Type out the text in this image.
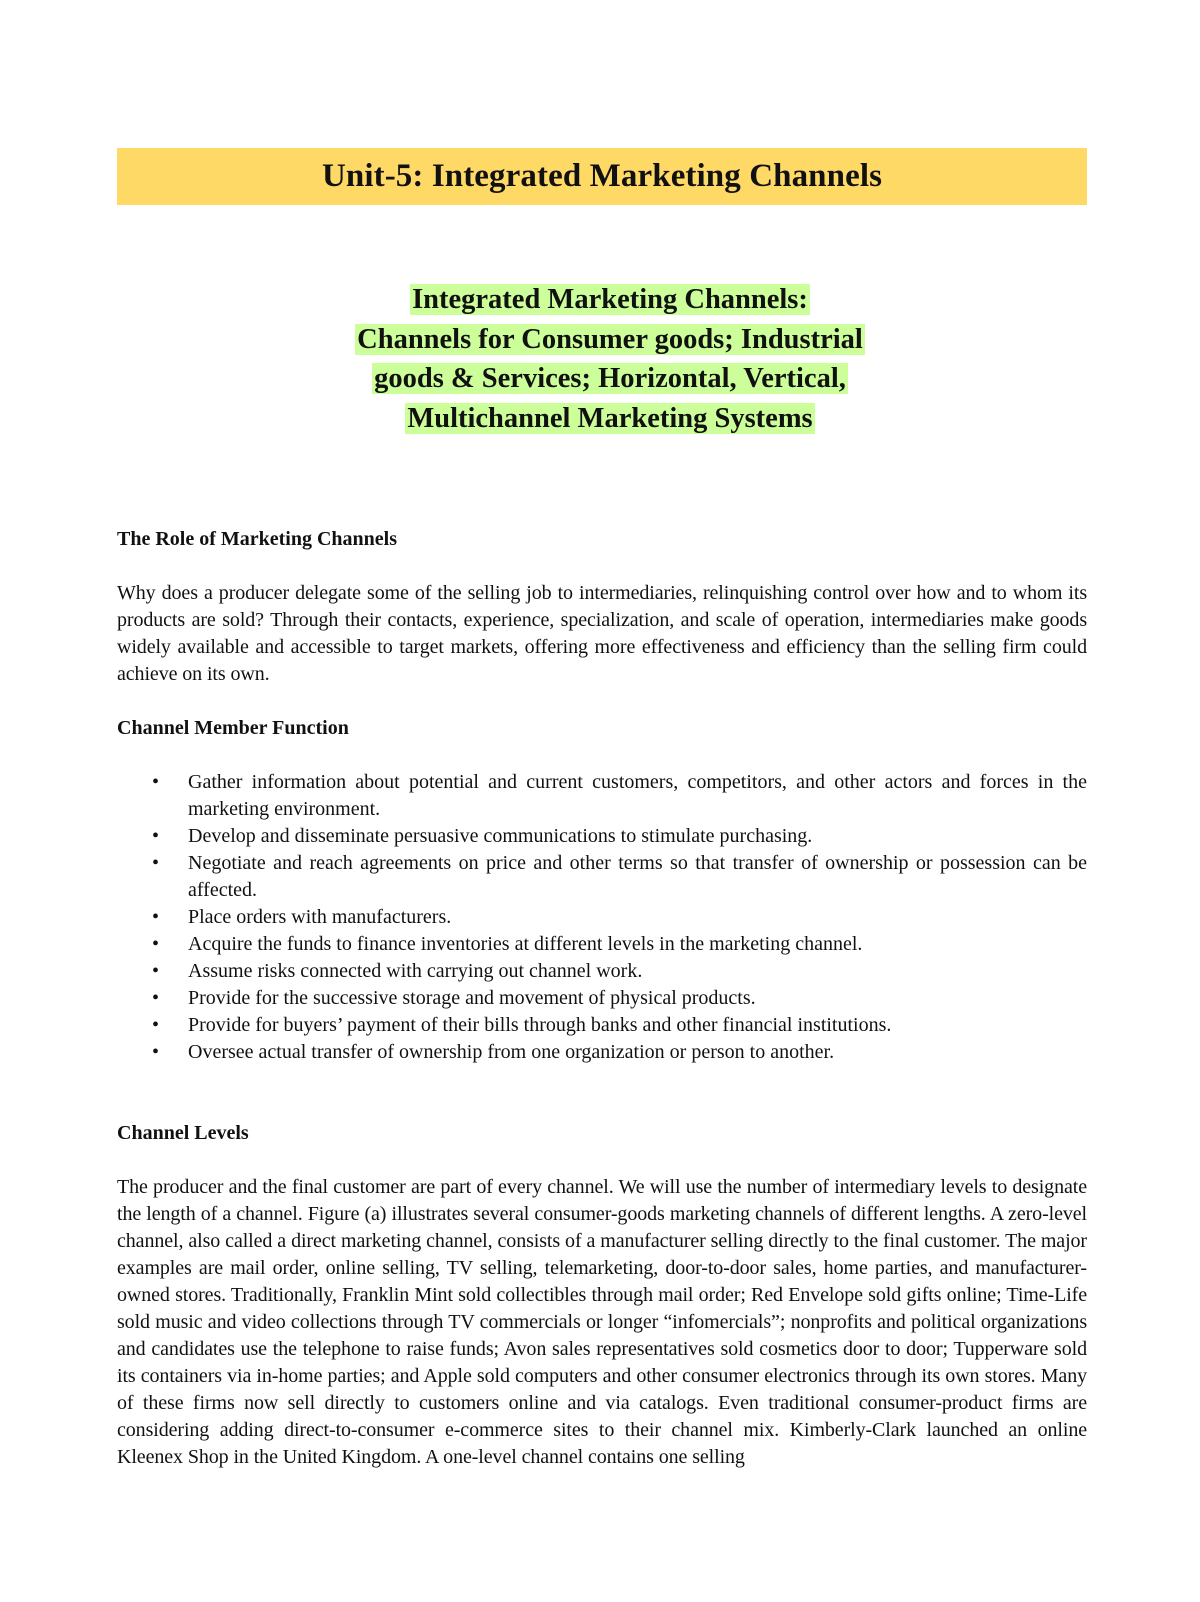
Unit-5: Integrated Marketing Channels
Integrated Marketing Channels:
Channels for Consumer goods; Industrial
goods & Services; Horizontal, Vertical,
Multichannel Marketing Systems

The Role of Marketing Channels

Why does a producer delegate some of the selling job to intermediaries, relinquishing control over how and to whom its products are sold? Through their contacts, experience, specialization, and scale of operation, intermediaries make goods widely available and accessible to target markets, offering more effectiveness and efficiency than the selling firm could achieve on its own.

Channel Member Function

• Gather information about potential and current customers, competitors, and other actors and forces in the marketing environment.
• Develop and disseminate persuasive communications to stimulate purchasing.
• Negotiate and reach agreements on price and other terms so that transfer of ownership or possession can be affected.
• Place orders with manufacturers.
• Acquire the funds to finance inventories at different levels in the marketing channel.
• Assume risks connected with carrying out channel work.
• Provide for the successive storage and movement of physical products.
• Provide for buyers’ payment of their bills through banks and other financial institutions.
• Oversee actual transfer of ownership from one organization or person to another.

Channel Levels

The producer and the final customer are part of every channel. We will use the number of intermediary levels to designate the length of a channel. Figure (a) illustrates several consumer-goods marketing channels of different lengths. A zero-level channel, also called a direct marketing channel, consists of a manufacturer selling directly to the final customer. The major examples are mail order, online selling, TV selling, telemarketing, door-to-door sales, home parties, and manufacturer-owned stores. Traditionally, Franklin Mint sold collectibles through mail order; Red Envelope sold gifts online; Time-Life sold music and video collections through TV commercials or longer “infomercials”; nonprofits and political organizations and candidates use the telephone to raise funds; Avon sales representatives sold cosmetics door to door; Tupperware sold its containers via in-home parties; and Apple sold computers and other consumer electronics through its own stores. Many of these firms now sell directly to customers online and via catalogs. Even traditional consumer-product firms are considering adding direct-to-consumer e-commerce sites to their channel mix. Kimberly-Clark launched an online Kleenex Shop in the United Kingdom. A one-level channel contains one selling
